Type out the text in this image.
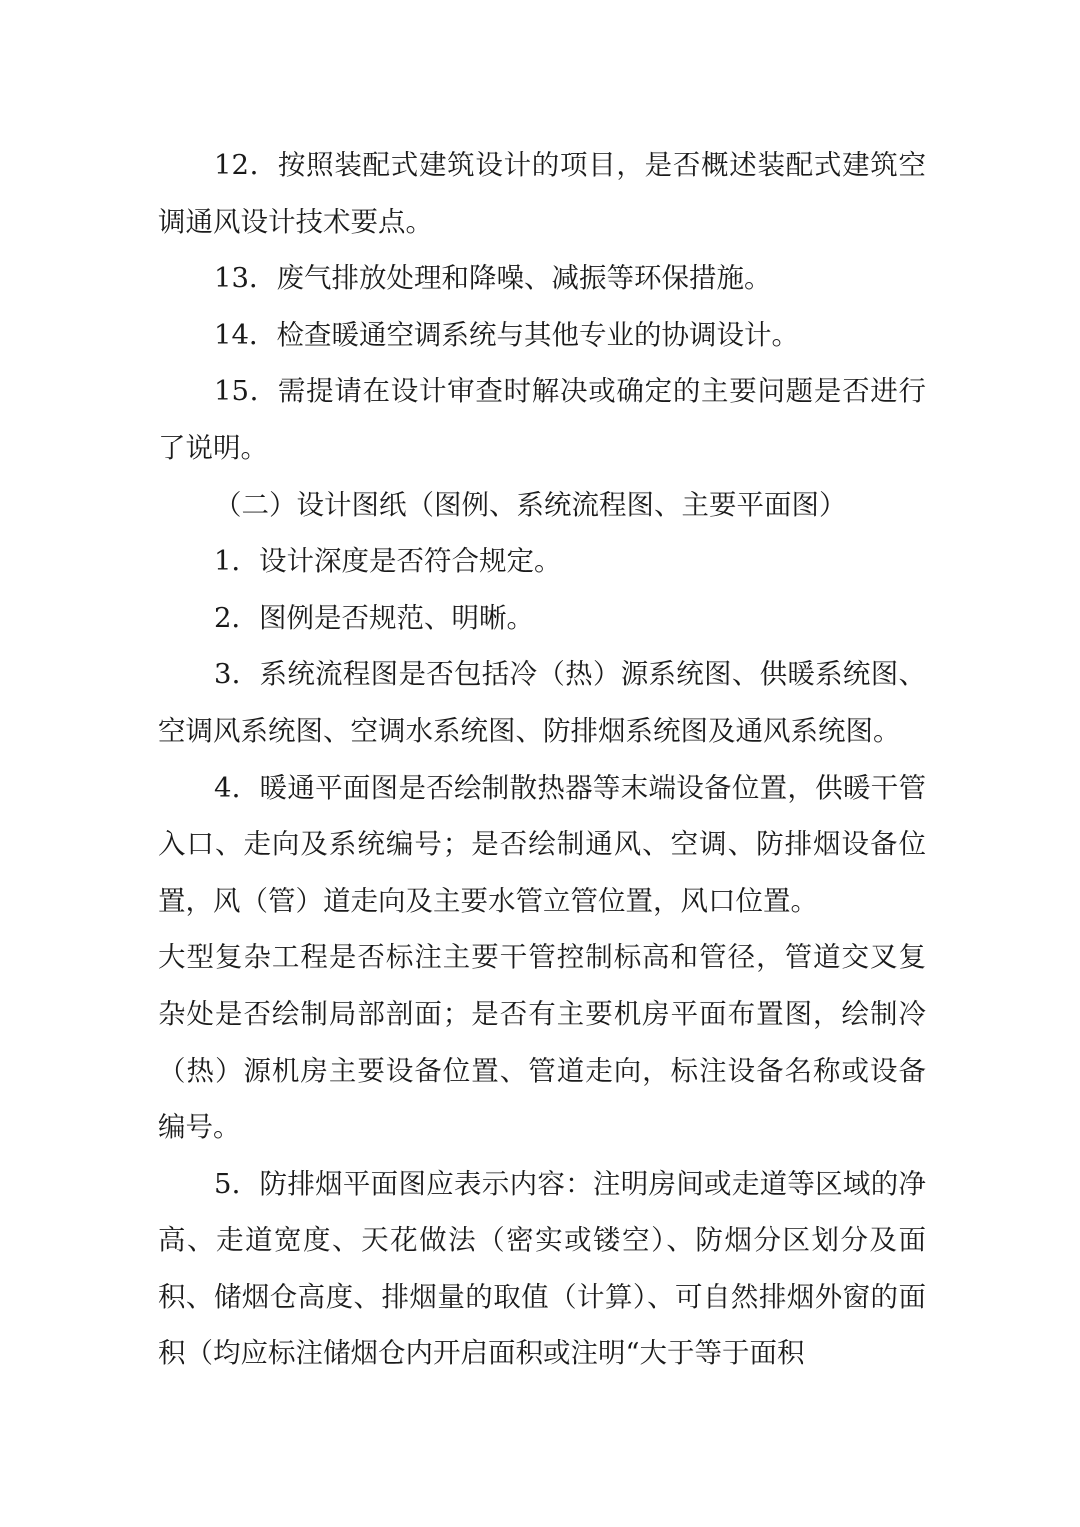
12．按照装配式建筑设计的项目，是否概述装配式建筑空调通风设计技术要点。

13．废气排放处理和降噪、减振等环保措施。

14．检查暖通空调系统与其他专业的协调设计。

15．需提请在设计审查时解决或确定的主要问题是否进行了说明。

（二）设计图纸（图例、系统流程图、主要平面图）

1．设计深度是否符合规定。

2．图例是否规范、明晰。

3．系统流程图是否包括冷（热）源系统图、供暖系统图、空调风系统图、空调水系统图、防排烟系统图及通风系统图。

4．暖通平面图是否绘制散热器等末端设备位置，供暖干管入口、走向及系统编号；是否绘制通风、空调、防排烟设备位置，风（管）道走向及主要水管立管位置，风口位置。

大型复杂工程是否标注主要干管控制标高和管径，管道交叉复杂处是否绘制局部剖面；是否有主要机房平面布置图，绘制冷（热）源机房主要设备位置、管道走向，标注设备名称或设备编号。

5．防排烟平面图应表示内容：注明房间或走道等区域的净高、走道宽度、天花做法（密实或镂空）、防烟分区划分及面积、储烟仓高度、排烟量的取值（计算）、可自然排烟外窗的面积（均应标注储烟仓内开启面积或注明“大于等于面积
